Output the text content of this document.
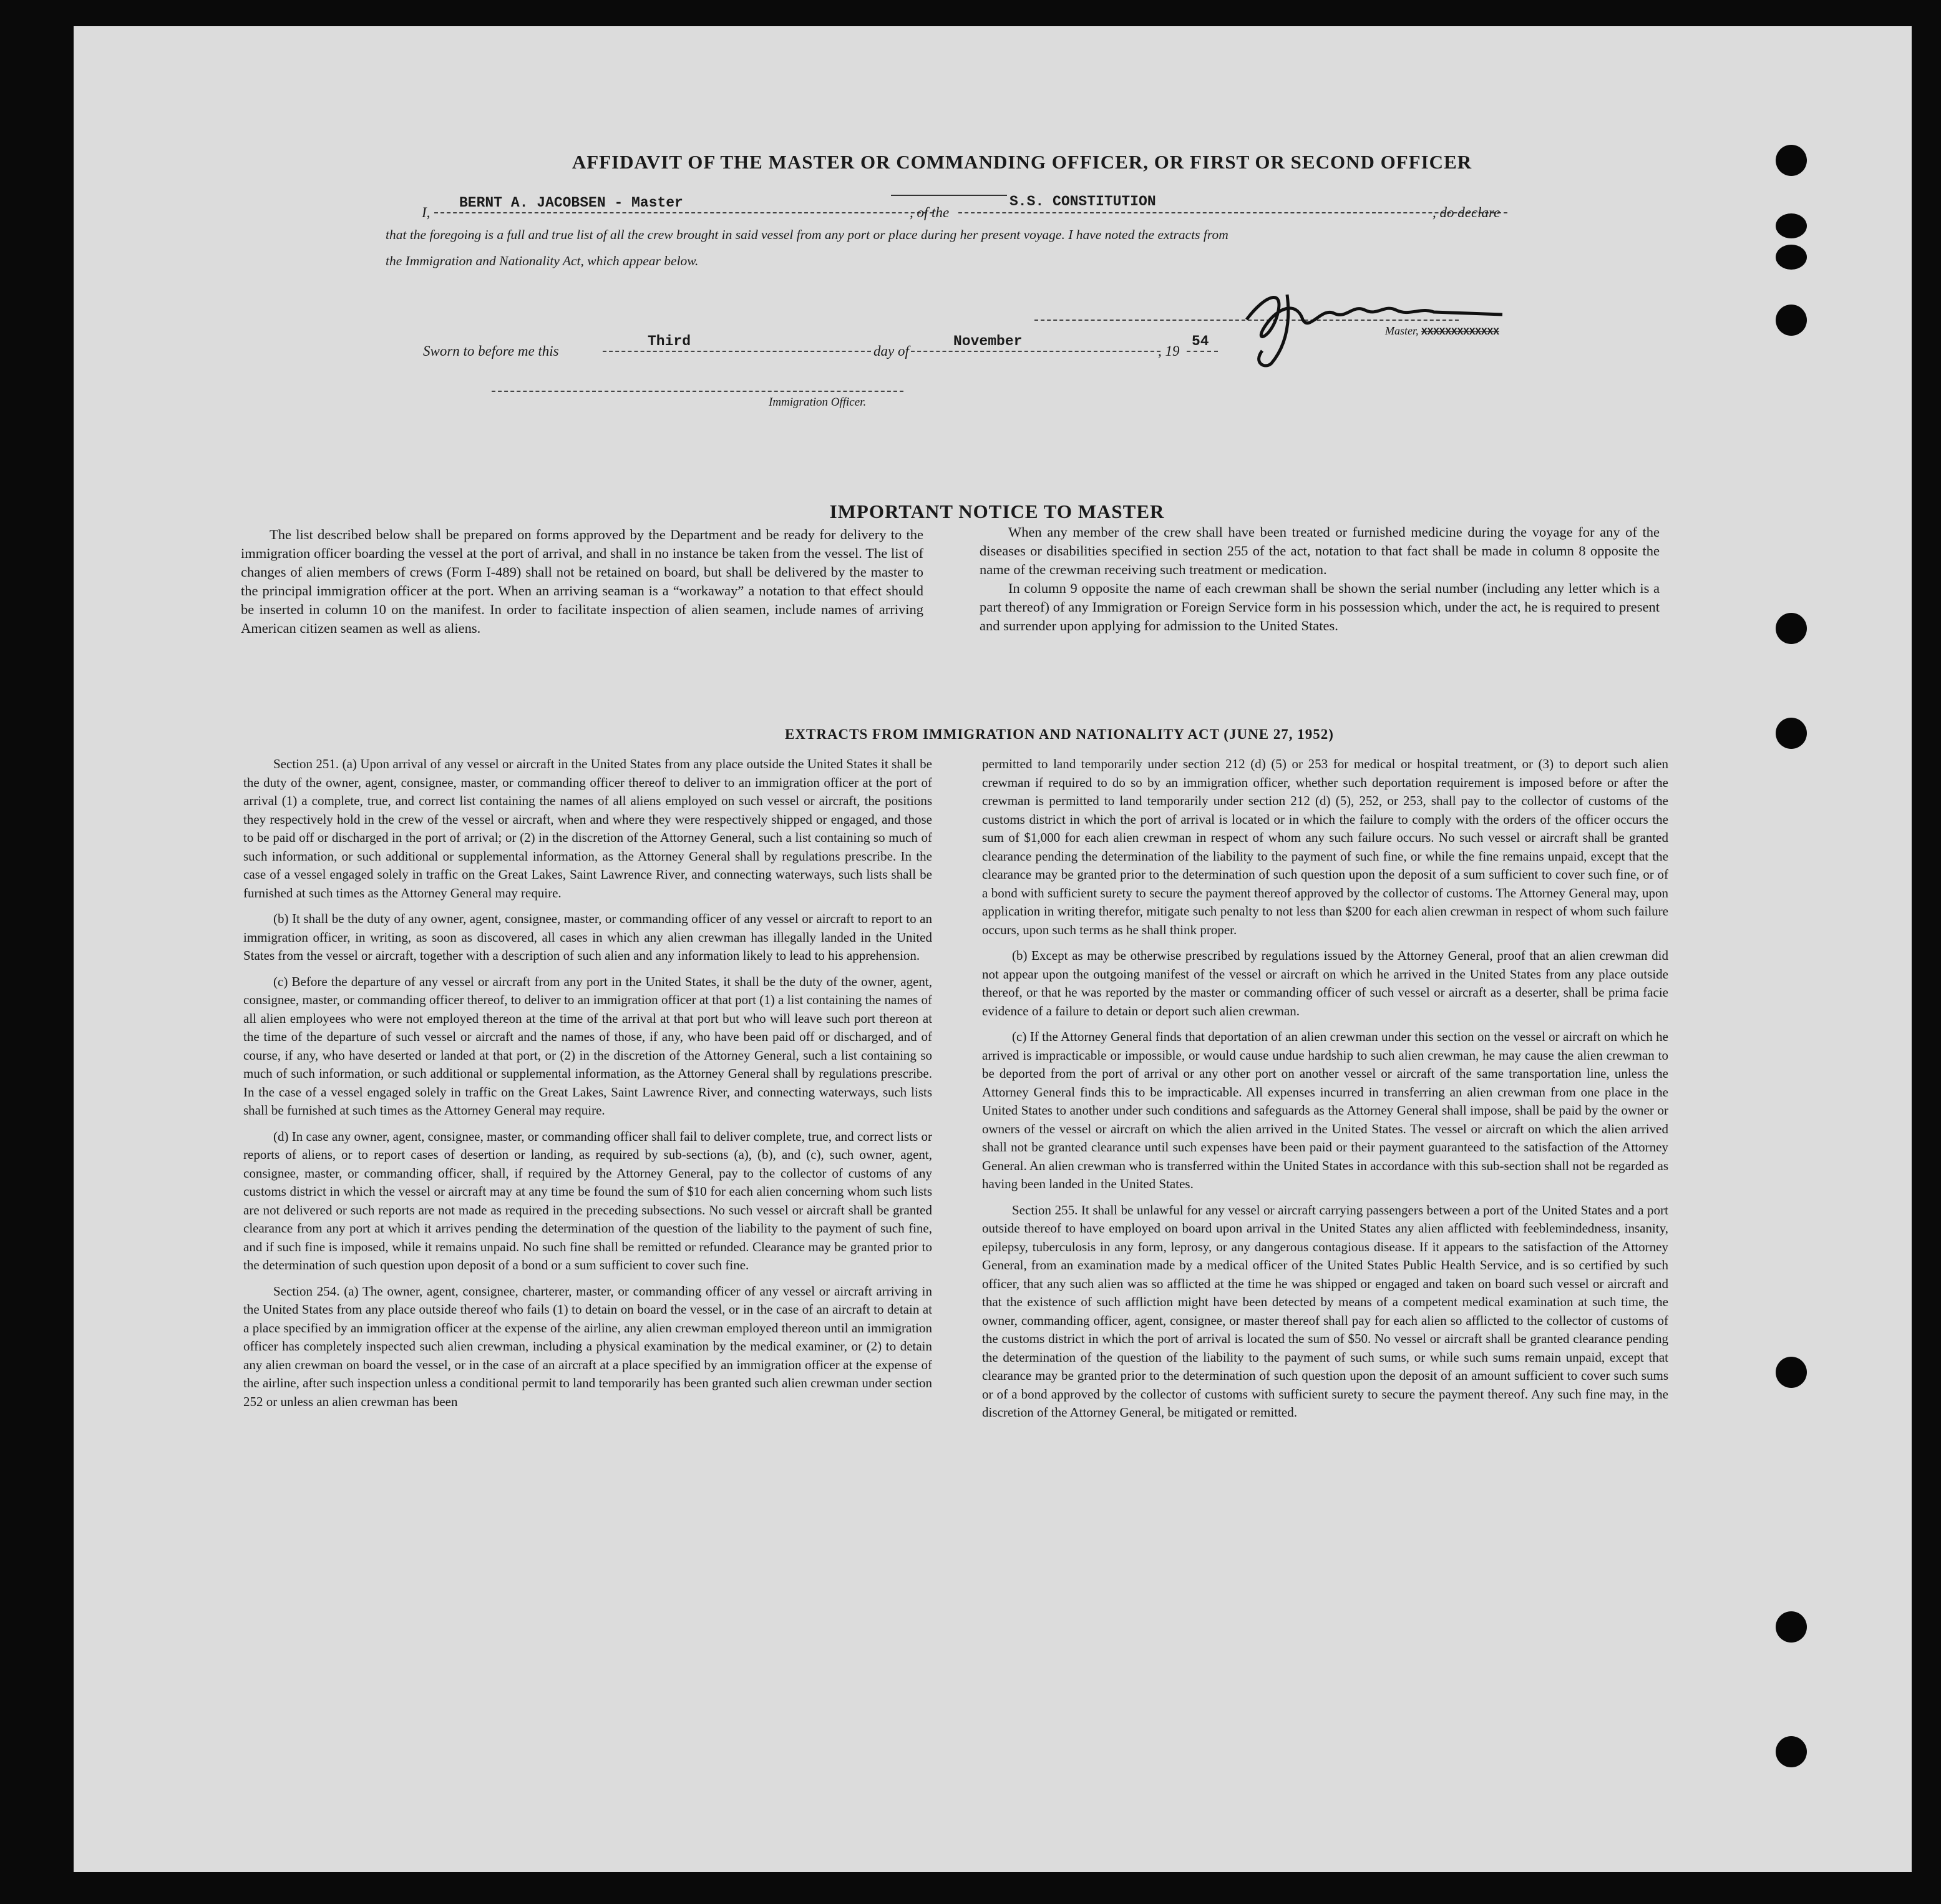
AFFIDAVIT OF THE MASTER OR COMMANDING OFFICER, OR FIRST OR SECOND OFFICER
I,
BERNT A. JACOBSEN - Master
, of the
S.S. CONSTITUTION
, do declare
that the foregoing is a full and true list of all the crew brought in said vessel from any port or place during her present voyage. I have noted the extracts from
the Immigration and Nationality Act, which appear below.
Master, XXXXXXXXXXXXX
Sworn to before me this
Third
day of
November
, 19
54
Immigration Officer.
IMPORTANT NOTICE TO MASTER

The list described below shall be prepared on forms approved by the Department and be ready for delivery to the immigration officer boarding the vessel at the port of arrival, and shall in no instance be taken from the vessel. The list of changes of alien members of crews (Form I-489) shall not be retained on board, but shall be delivered by the master to the principal immigration officer at the port. When an arriving seaman is a “workaway” a notation to that effect should be inserted in column 10 on the manifest. In order to facilitate inspection of alien seamen, include names of arriving American citizen seamen as well as aliens.

When any member of the crew shall have been treated or furnished medicine during the voyage for any of the diseases or disabilities specified in section 255 of the act, notation to that fact shall be made in column 8 opposite the name of the crewman receiving such treatment or medication.

In column 9 opposite the name of each crewman shall be shown the serial number (including any letter which is a part thereof) of any Immigration or Foreign Service form in his possession which, under the act, he is required to present and surrender upon applying for admission to the United States.

EXTRACTS FROM IMMIGRATION AND NATIONALITY ACT (JUNE 27, 1952)

Section 251. (a) Upon arrival of any vessel or aircraft in the United States from any place outside the United States it shall be the duty of the owner, agent, consignee, master, or commanding officer thereof to deliver to an immigration officer at the port of arrival (1) a complete, true, and correct list containing the names of all aliens employed on such vessel or aircraft, the positions they respectively hold in the crew of the vessel or aircraft, when and where they were respectively shipped or engaged, and those to be paid off or discharged in the port of arrival; or (2) in the discretion of the Attorney General, such a list containing so much of such information, or such additional or supplemental information, as the Attorney General shall by regulations prescribe. In the case of a vessel engaged solely in traffic on the Great Lakes, Saint Lawrence River, and connecting waterways, such lists shall be furnished at such times as the Attorney General may require.

(b) It shall be the duty of any owner, agent, consignee, master, or commanding officer of any vessel or aircraft to report to an immigration officer, in writing, as soon as discovered, all cases in which any alien crewman has illegally landed in the United States from the vessel or aircraft, together with a description of such alien and any information likely to lead to his apprehension.

(c) Before the departure of any vessel or aircraft from any port in the United States, it shall be the duty of the owner, agent, consignee, master, or commanding officer thereof, to deliver to an immigration officer at that port (1) a list containing the names of all alien employees who were not employed thereon at the time of the arrival at that port but who will leave such port thereon at the time of the departure of such vessel or aircraft and the names of those, if any, who have been paid off or discharged, and of course, if any, who have deserted or landed at that port, or (2) in the discretion of the Attorney General, such a list containing so much of such information, or such additional or supplemental information, as the Attorney General shall by regulations prescribe. In the case of a vessel engaged solely in traffic on the Great Lakes, Saint Lawrence River, and connecting waterways, such lists shall be furnished at such times as the Attorney General may require.

(d) In case any owner, agent, consignee, master, or commanding officer shall fail to deliver complete, true, and correct lists or reports of aliens, or to report cases of desertion or landing, as required by sub-sections (a), (b), and (c), such owner, agent, consignee, master, or commanding officer, shall, if required by the Attorney General, pay to the collector of customs of any customs district in which the vessel or aircraft may at any time be found the sum of $10 for each alien concerning whom such lists are not delivered or such reports are not made as required in the preceding subsections. No such vessel or aircraft shall be granted clearance from any port at which it arrives pending the determination of the question of the liability to the payment of such fine, and if such fine is imposed, while it remains unpaid. No such fine shall be remitted or refunded. Clearance may be granted prior to the determination of such question upon deposit of a bond or a sum sufficient to cover such fine.

Section 254. (a) The owner, agent, consignee, charterer, master, or commanding officer of any vessel or aircraft arriving in the United States from any place outside thereof who fails (1) to detain on board the vessel, or in the case of an aircraft to detain at a place specified by an immigration officer at the expense of the airline, any alien crewman employed thereon until an immigration officer has completely inspected such alien crewman, including a physical examination by the medical examiner, or (2) to detain any alien crewman on board the vessel, or in the case of an aircraft at a place specified by an immigration officer at the expense of the airline, after such inspection unless a conditional permit to land temporarily has been granted such alien crewman under section 252 or unless an alien crewman has been

permitted to land temporarily under section 212 (d) (5) or 253 for medical or hospital treatment, or (3) to deport such alien crewman if required to do so by an immigration officer, whether such deportation requirement is imposed before or after the crewman is permitted to land temporarily under section 212 (d) (5), 252, or 253, shall pay to the collector of customs of the customs district in which the port of arrival is located or in which the failure to comply with the orders of the officer occurs the sum of $1,000 for each alien crewman in respect of whom any such failure occurs. No such vessel or aircraft shall be granted clearance pending the determination of the liability to the payment of such fine, or while the fine remains unpaid, except that the clearance may be granted prior to the determination of such question upon the deposit of a sum sufficient to cover such fine, or of a bond with sufficient surety to secure the payment thereof approved by the collector of customs. The Attorney General may, upon application in writing therefor, mitigate such penalty to not less than $200 for each alien crewman in respect of whom such failure occurs, upon such terms as he shall think proper.

(b) Except as may be otherwise prescribed by regulations issued by the Attorney General, proof that an alien crewman did not appear upon the outgoing manifest of the vessel or aircraft on which he arrived in the United States from any place outside thereof, or that he was reported by the master or commanding officer of such vessel or aircraft as a deserter, shall be prima facie evidence of a failure to detain or deport such alien crewman.

(c) If the Attorney General finds that deportation of an alien crewman under this section on the vessel or aircraft on which he arrived is impracticable or impossible, or would cause undue hardship to such alien crewman, he may cause the alien crewman to be deported from the port of arrival or any other port on another vessel or aircraft of the same transportation line, unless the Attorney General finds this to be impracticable. All expenses incurred in transferring an alien crewman from one place in the United States to another under such conditions and safeguards as the Attorney General shall impose, shall be paid by the owner or owners of the vessel or aircraft on which the alien arrived in the United States. The vessel or aircraft on which the alien arrived shall not be granted clearance until such expenses have been paid or their payment guaranteed to the satisfaction of the Attorney General. An alien crewman who is transferred within the United States in accordance with this sub-section shall not be regarded as having been landed in the United States.

Section 255. It shall be unlawful for any vessel or aircraft carrying passengers between a port of the United States and a port outside thereof to have employed on board upon arrival in the United States any alien afflicted with feeblemindedness, insanity, epilepsy, tuberculosis in any form, leprosy, or any dangerous contagious disease. If it appears to the satisfaction of the Attorney General, from an examination made by a medical officer of the United States Public Health Service, and is so certified by such officer, that any such alien was so afflicted at the time he was shipped or engaged and taken on board such vessel or aircraft and that the existence of such affliction might have been detected by means of a competent medical examination at such time, the owner, commanding officer, agent, consignee, or master thereof shall pay for each alien so afflicted to the collector of customs of the customs district in which the port of arrival is located the sum of $50. No vessel or aircraft shall be granted clearance pending the determination of the question of the liability to the payment of such sums, or while such sums remain unpaid, except that clearance may be granted prior to the determination of such question upon the deposit of an amount sufficient to cover such sums or of a bond approved by the collector of customs with sufficient surety to secure the payment thereof. Any such fine may, in the discretion of the Attorney General, be mitigated or remitted.
